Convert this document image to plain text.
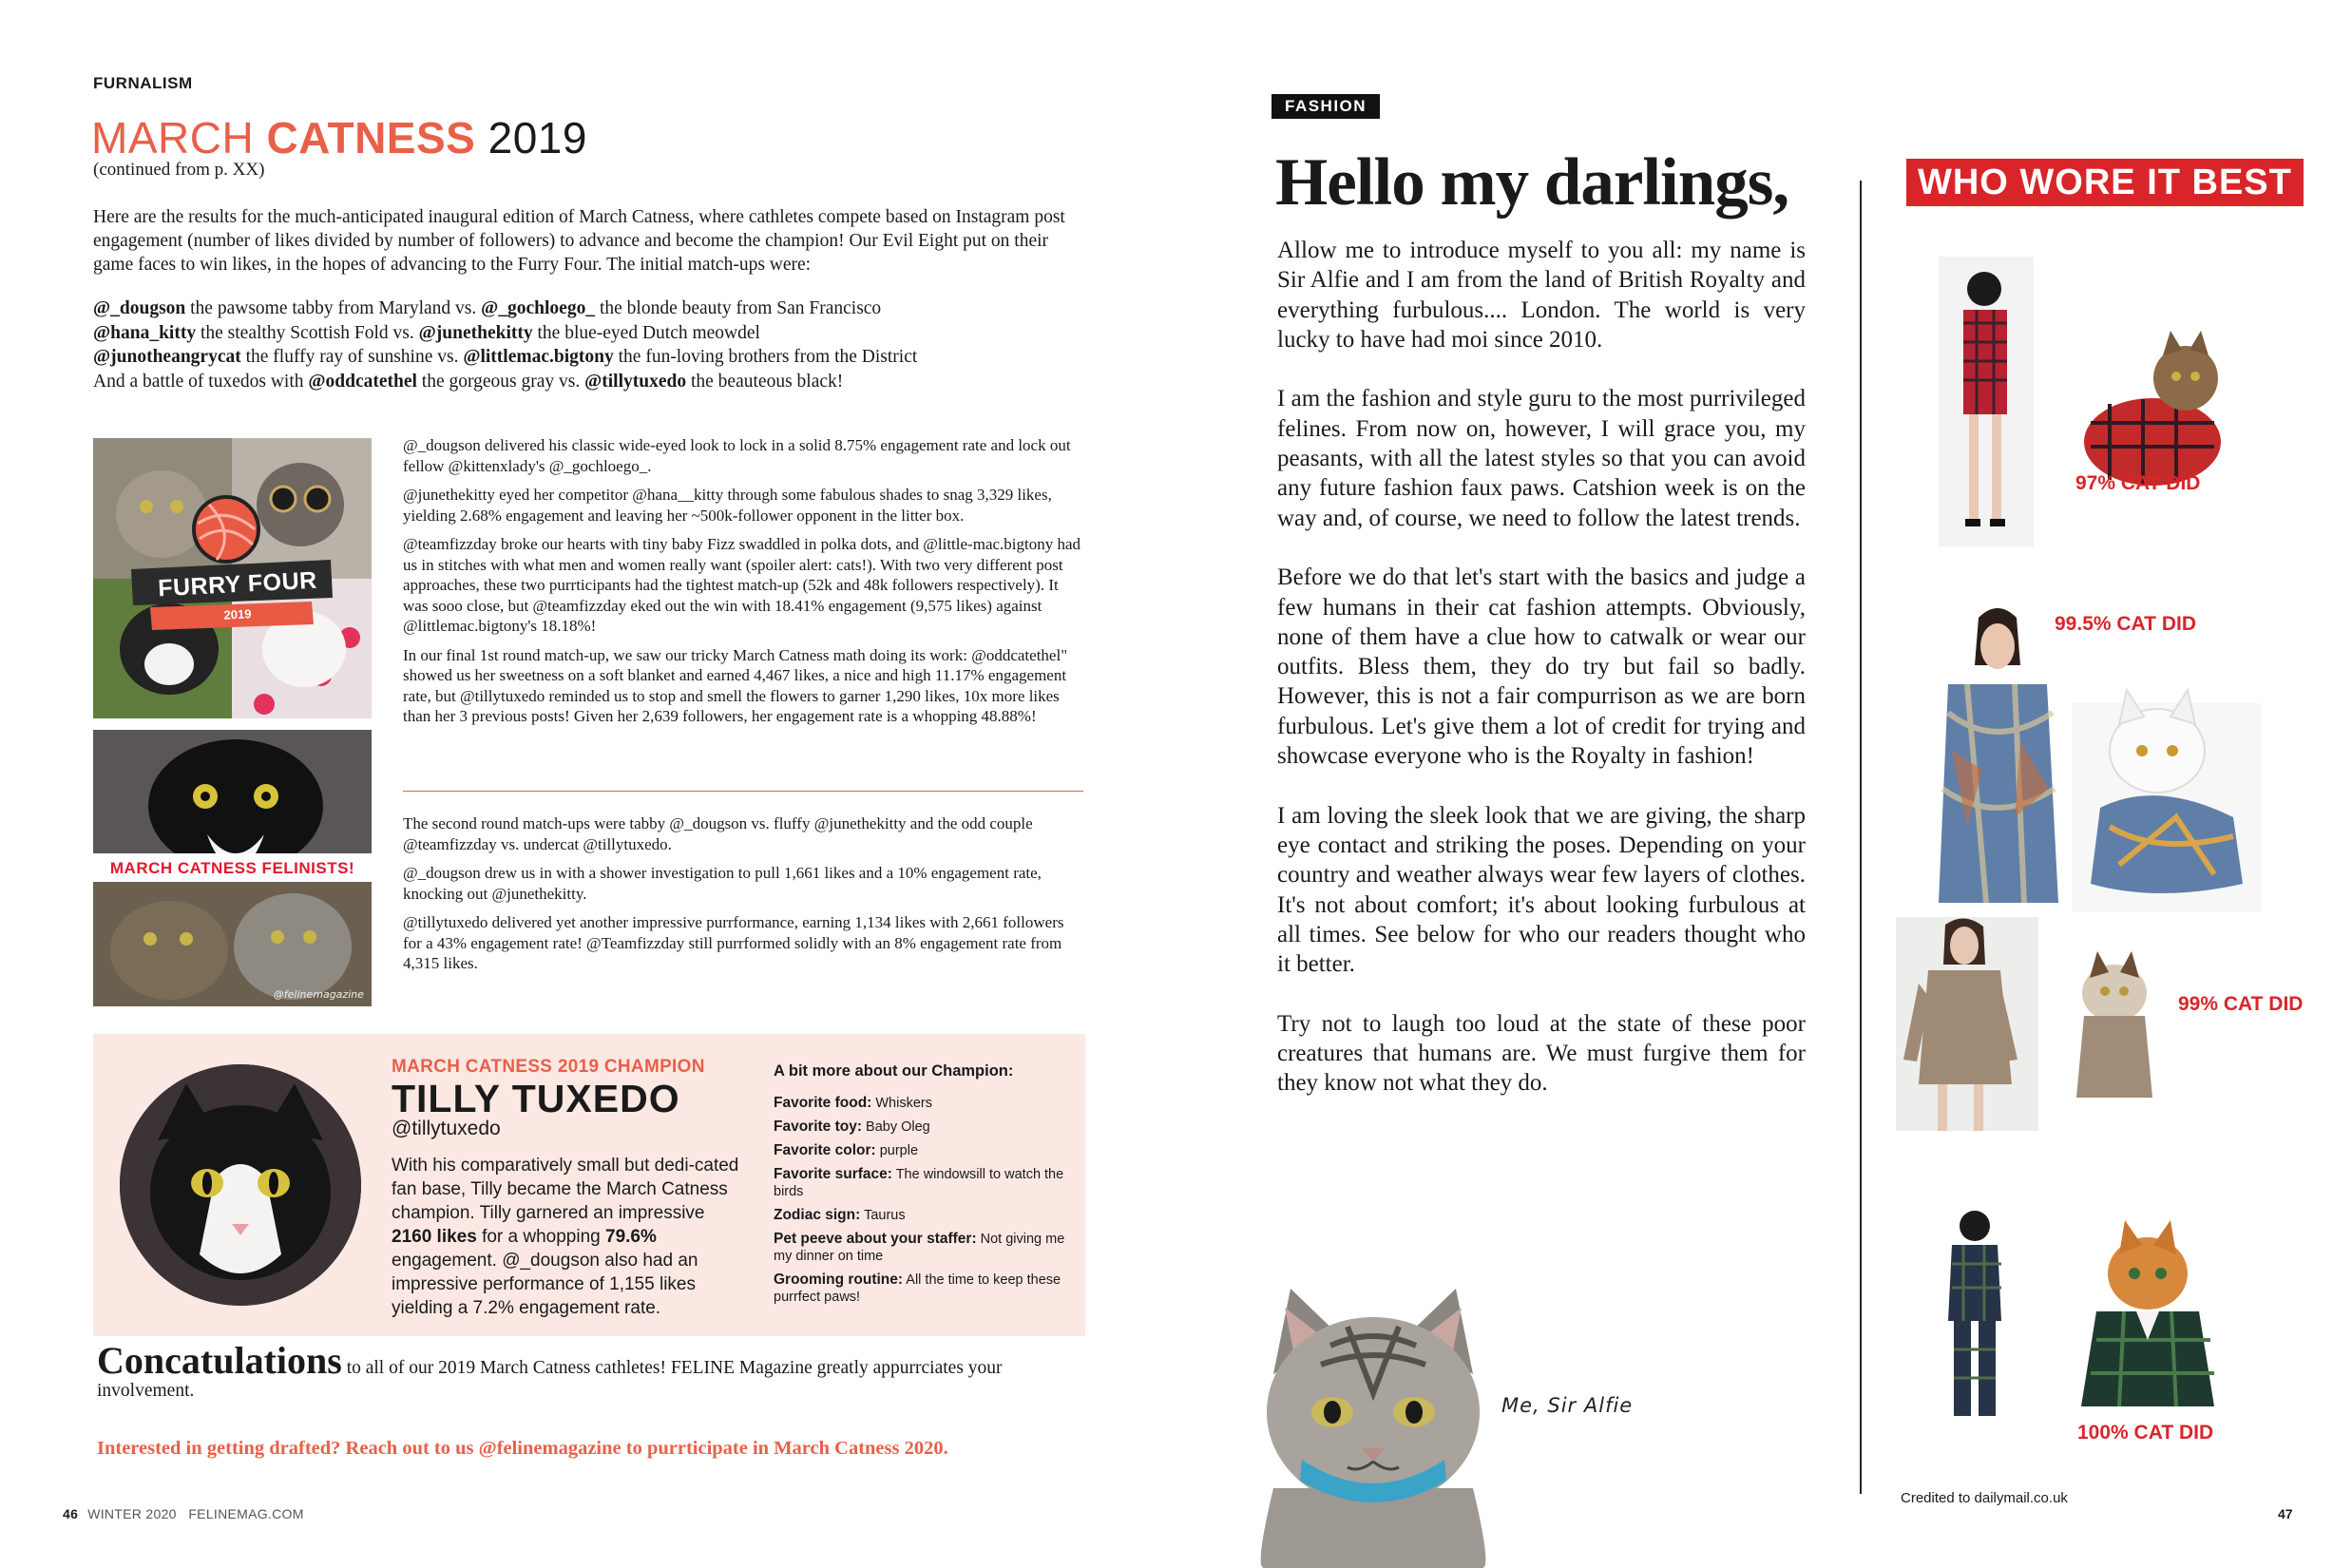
FURNALISM
MARCH CATNESS 2019
(continued from p. XX)
Here are the results for the much-anticipated inaugural edition of March Catness, where cathletes compete based on Instagram post engagement (number of likes divided by number of followers) to advance and become the champion! Our Evil Eight put on their game faces to win likes, in the hopes of advancing to the Furry Four. The initial match-ups were:
@_dougson the pawsome tabby from Maryland vs. @_gochloego_ the blonde beauty from San Francisco
@hana_kitty the stealthy Scottish Fold vs. @junethekitty the blue-eyed Dutch meowdel
@junotheangrycat the fluffy ray of sunshine vs. @littlemac.bigtony the fun-loving brothers from the District
And a battle of tuxedos with @oddcatethel the gorgeous gray vs. @tillytuxedo the beauteous black!
FURRY FOUR
2019
MARCH CATNESS FELINISTS!
@felinemagazine

@_dougson delivered his classic wide-eyed look to lock in a solid 8.75% engagement rate and lock out fellow @kittenxlady's @_gochloego_.

@junethekitty eyed her competitor @hana__kitty through some fabulous shades to snag 3,329 likes, yielding 2.68% engagement and leaving her ~500k-follower opponent in the litter box.

@teamfizzday broke our hearts with tiny baby Fizz swaddled in polka dots, and @little-mac.bigtony had us in stitches with what men and women really want (spoiler alert: cats!). With two very different post approaches, these two purrticipants had the tightest match-up (52k and 48k followers respectively). It was sooo close, but @teamfizzday eked out the win with 18.41% engagement (9,575 likes) against @littlemac.bigtony's 18.18%!

In our final 1st round match-up, we saw our tricky March Catness math doing its work: @oddcatethel" showed us her sweetness on a soft blanket and earned 4,467 likes, a nice and high 11.17% engagement rate, but @tillytuxedo reminded us to stop and smell the flowers to garner 1,290 likes, 10x more likes than her 3 previous posts! Given her 2,639 followers, her engagement rate is a whopping 48.88%!

The second round match-ups were tabby @_dougson vs. fluffy @junethekitty and the odd couple @teamfizzday vs. undercat @tillytuxedo.

@_dougson drew us in with a shower investigation to pull 1,661 likes and a 10% engagement rate, knocking out @junethekitty.

@tillytuxedo delivered yet another impressive purrformance, earning 1,134 likes with 2,661 followers for a 43% engagement rate! @Teamfizzday still purrformed solidly with an 8% engagement rate from 4,315 likes.

MARCH CATNESS 2019 CHAMPION
TILLY TUXEDO
@tillytuxedo
With his comparatively small but dedi-cated fan base, Tilly became the March Catness champion. Tilly garnered an impressive 2160 likes for a whopping 79.6% engagement. @_dougson also had an impressive performance of 1,155 likes yielding a 7.2% engagement rate.
A bit more about our Champion:
Favorite food: Whiskers
Favorite toy: Baby Oleg
Favorite color: purple
Favorite surface: The windowsill to watch the birds
Zodiac sign: Taurus
Pet peeve about your staffer: Not giving me my dinner on time
Grooming routine: All the time to keep these purrfect paws!
Concatulations to all of our 2019 March Catness cathletes! FELINE Magazine greatly appurrciates your involvement.
Interested in getting drafted? Reach out to us @felinemagazine to purrticipate in March Catness 2020.
46 WINTER 2020 FELINEMAG.COM
FASHION
Hello my darlings,

Allow me to introduce myself to you all: my name is Sir Alfie and I am from the land of British Royalty and everything furbulous.... London. The world is very lucky to have had moi since 2010.

I am the fashion and style guru to the most purrivileged felines. From now on, however, I will grace you, my peasants, with all the latest styles so that you can avoid any future fashion faux paws. Catshion week is on the way and, of course, we need to follow the latest trends.

Before we do that let's start with the basics and judge a few humans in their cat fashion attempts. Obviously, none of them have a clue how to catwalk or wear our outfits. Bless them, they do try but fail so badly. However, this is not a fair compurrison as we are born furbulous. Let's give them a lot of credit for trying and showcase everyone who is the Royalty in fashion!

I am loving the sleek look that we are giving, the sharp eye contact and striking the poses. Depending on your country and weather always wear few layers of clothes. It's not about comfort; it's about looking furbulous at all times. See below for who our readers thought who it better.

Try not to laugh too loud at the state of these poor creatures that humans are. We must furgive them for they know not what they do.

Me, Sir Alfie
WHO WORE IT BEST
97% CAT DID
99.5% CAT DID
99% CAT DID
100% CAT DID
Credited to dailymail.co.uk
47
